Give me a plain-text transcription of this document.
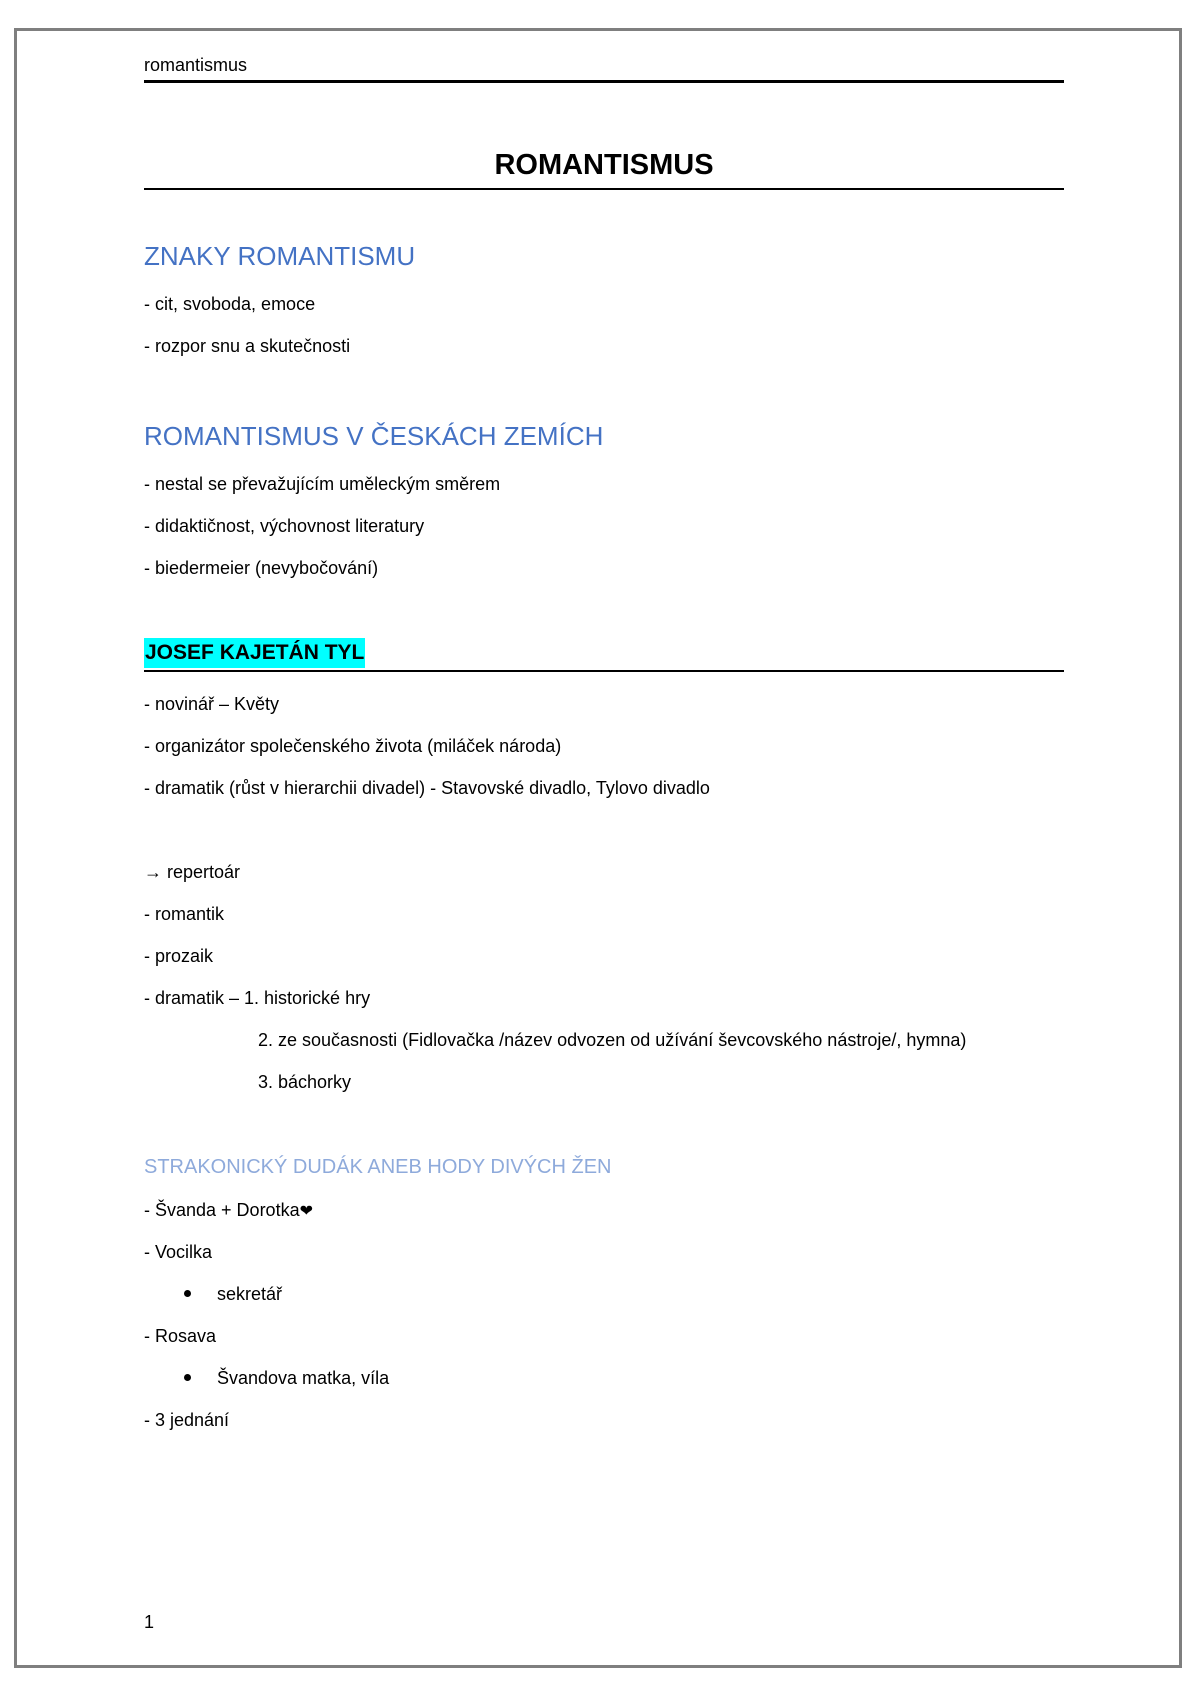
romantismus
ROMANTISMUS
ZNAKY ROMANTISMU
- cit, svoboda, emoce
- rozpor snu a skutečnosti
ROMANTISMUS V ČESKÁCH ZEMÍCH
- nestal se převažujícím uměleckým směrem
- didaktičnost, výchovnost literatury
- biedermeier (nevybočování)
JOSEF KAJETÁN TYL
- novinář – Květy
- organizátor společenského života (miláček národa)
- dramatik (růst v hierarchii divadel) - Stavovské divadlo, Tylovo divadlo
→ repertoár
- romantik
- prozaik
- dramatik – 1. historické hry
2. ze současnosti (Fidlovačka /název odvozen od užívání ševcovského nástroje/, hymna)
3. báchorky
STRAKONICKÝ DUDÁK ANEB HODY DIVÝCH ŽEN
- Švanda + Dorotka❤
- Vocilka
sekretář
- Rosava
Švandova matka, víla
- 3 jednání
1
